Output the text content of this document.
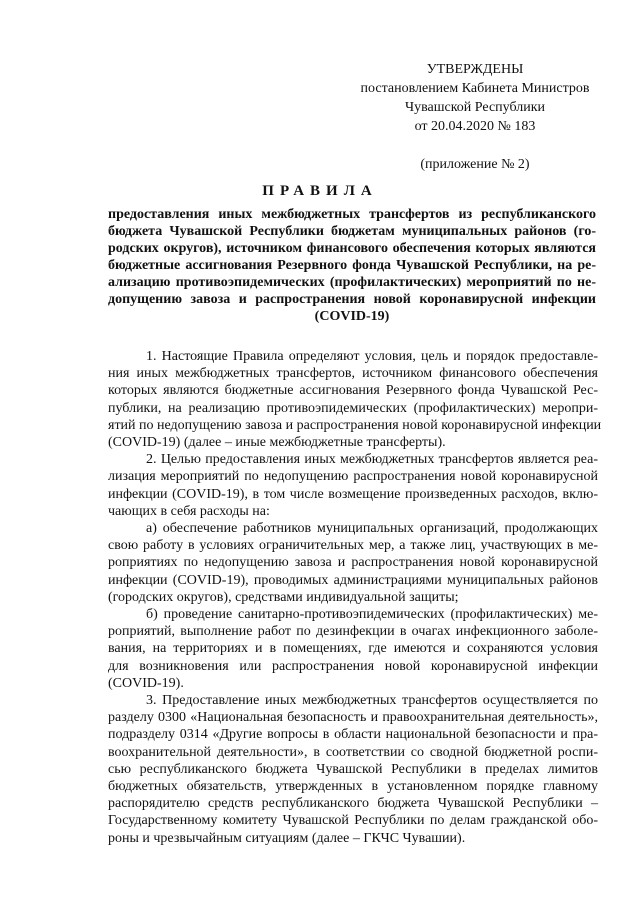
УТВЕРЖДЕНЫ
постановлением Кабинета Министров
Чувашской Республики
от 20.04.2020 № 183
(приложение № 2)
ПРАВИЛА
предоставления иных межбюджетных трансфертов из республиканского
бюджета Чувашской Республики бюджетам муниципальных районов (го-
родских округов), источником финансового обеспечения которых являются
бюджетные ассигнования Резервного фонда Чувашской Республики, на ре-
ализацию противоэпидемических (профилактических) мероприятий по не-
допущению завоза и распространения новой коронавирусной инфекции
(COVID-19)
1. Настоящие Правила определяют условия, цель и порядок предоставле-
ния иных межбюджетных трансфертов, источником финансового обеспечения
которых являются бюджетные ассигнования Резервного фонда Чувашской Рес-
публики, на реализацию противоэпидемических (профилактических) меропри-
ятий по недопущению завоза и распространения новой коронавирусной инфекции
(COVID-19) (далее – иные межбюджетные трансферты).
2. Целью предоставления иных межбюджетных трансфертов является реа-
лизация мероприятий по недопущению распространения новой коронавирусной
инфекции (COVID-19), в том числе возмещение произведенных расходов, вклю-
чающих в себя расходы на:
а) обеспечение работников муниципальных организаций, продолжающих
свою работу в условиях ограничительных мер, а также лиц, участвующих в ме-
роприятиях по недопущению завоза и распространения новой коронавирусной
инфекции (COVID-19), проводимых администрациями муниципальных районов
(городских округов), средствами индивидуальной защиты;
б) проведение санитарно-противоэпидемических (профилактических) ме-
роприятий, выполнение работ по дезинфекции в очагах инфекционного заболе-
вания, на территориях и в помещениях, где имеются и сохраняются условия
для возникновения или распространения новой коронавирусной инфекции
(COVID-19).
3. Предоставление иных межбюджетных трансфертов осуществляется по
разделу 0300 «Национальная безопасность и правоохранительная деятельность»,
подразделу 0314 «Другие вопросы в области национальной безопасности и пра-
воохранительной деятельности», в соответствии со сводной бюджетной роспи-
сью республиканского бюджета Чувашской Республики в пределах лимитов
бюджетных обязательств, утвержденных в установленном порядке главному
распорядителю средств республиканского бюджета Чувашской Республики –
Государственному комитету Чувашской Республики по делам гражданской обо-
роны и чрезвычайным ситуациям (далее – ГКЧС Чувашии).
